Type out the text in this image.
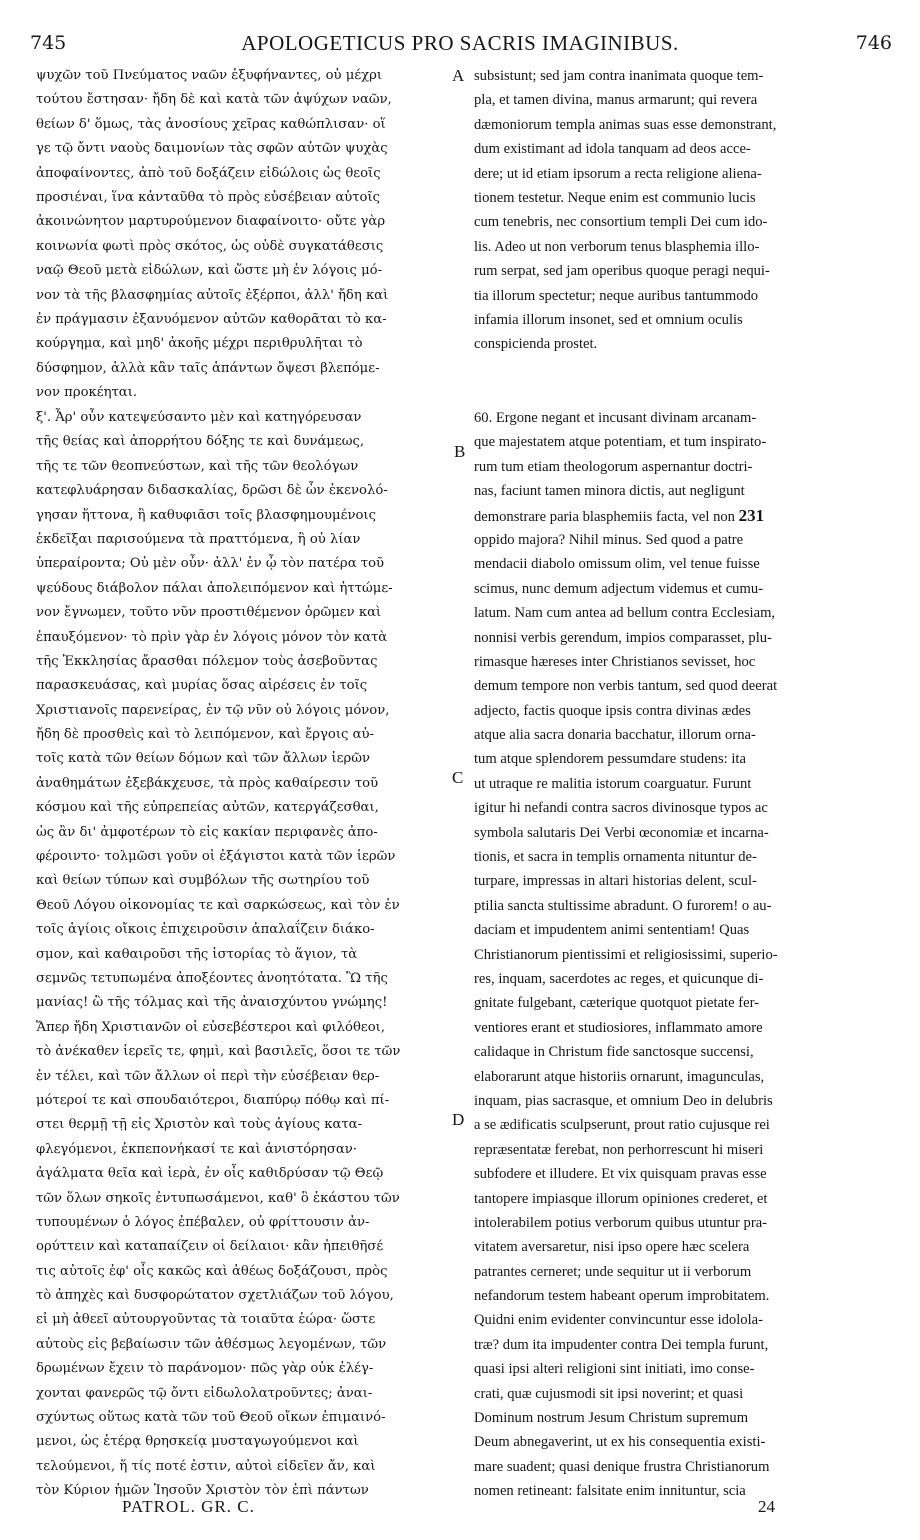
745	APOLOGETICUS PRO SACRIS IMAGINIBUS.	746
ψυχῶν τοῦ Πνεύματος ναῶν ἐξυφήναντες, οὐ μέχρι
τούτου ἔστησαν· ἤδη δὲ καὶ κατὰ τῶν ἀψύχων ναῶν,
θείων δ' ὅμως, τὰς ἀνοσίους χεῖρας καθώπλισαν· οἵ
γε τῷ ὄντι ναοὺς δαιμονίων τὰς σφῶν αὐτῶν ψυχὰς
ἀποφαίνοντες, ἀπὸ τοῦ δοξάζειν εἰδώλοις ὡς θεοῖς
προσιέναι, ἵνα κἀνταῦθα τὸ πρὸς εὐσέβειαν αὐτοῖς
ἀκοινώνητον μαρτυρούμενον διαφαίνοιτο· οὔτε γὰρ
κοινωνία φωτὶ πρὸς σκότος, ὡς οὐδὲ συγκατάθεσις
ναῷ Θεοῦ μετὰ εἰδώλων, καὶ ὥστε μὴ ἐν λόγοις μό-
νον τὰ τῆς βλασφημίας αὐτοῖς ἐξέρποι, ἀλλ' ἤδη καὶ
ἐν πράγμασιν ἐξανυόμενον αὐτῶν καθορᾶται τὸ κα-
κούργημα, καὶ μηδ' ἀκοῆς μέχρι περιθρυλῆται τὸ
δύσφημον, ἀλλὰ κἂν ταῖς ἁπάντων ὄψεσι βλεπόμε-
νον προκέηται.
ξ'. Ἆρ' οὖν κατεψεύσαντο μὲν καὶ κατηγόρευσαν
τῆς θείας καὶ ἀπορρήτου δόξης τε καὶ δυνάμεως,
τῆς τε τῶν θεοπνεύστων, καὶ τῆς τῶν θεολόγων
κατεφλυάρησαν διδασκαλίας, δρῶσι δὲ ὧν ἐκενολό-
γησαν ἥττονα, ἢ καθυφιᾶσι τοῖς βλασφημουμένοις
ἐκδεῖξαι παρισούμενα τὰ πραττόμενα, ἢ οὐ λίαν
ὑπεραίροντα; Οὐ μὲν οὖν· ἀλλ' ἐν ᾧ τὸν πατέρα τοῦ
ψεύδους διάβολον πάλαι ἀπολειπόμενον καὶ ἡττώμε-
νον ἔγνωμεν, τοῦτο νῦν προστιθέμενον ὁρῶμεν καὶ
ἐπαυξόμενον· τὸ πρὶν γὰρ ἐν λόγοις μόνον τὸν κατὰ
τῆς Ἐκκλησίας ἄρασθαι πόλεμον τοὺς ἀσεβοῦντας
παρασκευάσας, καὶ μυρίας ὅσας αἱρέσεις ἐν τοῖς
Χριστιανοῖς παρενείρας, ἐν τῷ νῦν οὐ λόγοις μόνον,
ἤδη δὲ προσθεὶς καὶ τὸ λειπόμενον, καὶ ἔργοις αὐ-
τοῖς κατὰ τῶν θείων δόμων καὶ τῶν ἄλλων ἱερῶν
ἀναθημάτων ἐξεβάκχευσε, τὰ πρὸς καθαίρεσιν τοῦ
κόσμου καὶ τῆς εὐπρεπείας αὐτῶν, κατεργάζεσθαι,
ὡς ἂν δι' ἀμφοτέρων τὸ εἰς κακίαν περιφανὲς ἀπο-
φέροιντο· τολμῶσι γοῦν οἱ ἐξάγιστοι κατὰ τῶν ἱερῶν
καὶ θείων τύπων καὶ συμβόλων τῆς σωτηρίου τοῦ
Θεοῦ Λόγου οἰκονομίας τε καὶ σαρκώσεως, καὶ τὸν ἐν
τοῖς ἁγίοις οἴκοις ἐπιχειροῦσιν ἀπαλαΐζειν διάκο-
σμον, καὶ καθαιροῦσι τῆς ἱστορίας τὸ ἅγιον, τὰ
σεμνῶς τετυπωμένα ἀποξέοντες ἀνοητότατα. Ὢ τῆς
μανίας! ὢ τῆς τόλμας καὶ τῆς ἀναισχύντου γνώμης!
Ἅπερ ἤδη Χριστιανῶν οἱ εὐσεβέστεροι καὶ φιλόθεοι,
τὸ ἀνέκαθεν ἱερεῖς τε, φημὶ, καὶ βασιλεῖς, ὅσοι τε τῶν
ἐν τέλει, καὶ τῶν ἄλλων οἱ περὶ τὴν εὐσέβειαν θερ-
μότεροί τε καὶ σπουδαιότεροι, διαπύρῳ πόθῳ καὶ πί-
στει θερμῇ τῇ εἰς Χριστὸν καὶ τοὺς ἁγίους κατα-
φλεγόμενοι, ἐκπεπονήκασί τε καὶ ἀνιστόρησαν·
ἀγάλματα θεῖα καὶ ἱερὰ, ἐν οἷς καθιδρύσαν τῷ Θεῷ
τῶν ὅλων σηκοῖς ἐντυπωσάμενοι, καθ' ὃ ἑκάστου τῶν
τυπουμένων ὁ λόγος ἐπέβαλεν, οὐ φρίττουσιν ἀν-
ορύττειν καὶ καταπαίζειν οἱ δείλαιοι· κἂν ἠπειθῆσέ
τις αὐτοῖς ἐφ' οἷς κακῶς καὶ ἀθέως δοξάζουσι, πρὸς
τὸ ἀπηχὲς καὶ δυσφορώτατον σχετλιάζων τοῦ λόγου,
εἰ μὴ ἀθεεῖ αὐτουργοῦντας τὰ τοιαῦτα ἑώρα· ὥστε
αὐτοὺς εἰς βεβαίωσιν τῶν ἀθέσμως λεγομένων, τῶν
δρωμένων ἔχειν τὸ παράνομον· πῶς γὰρ οὐκ ἐλέγ-
χονται φανερῶς τῷ ὄντι εἰδωλολατροῦντες; ἀναι-
σχύντως οὕτως κατὰ τῶν τοῦ Θεοῦ οἴκων ἐπιμαινό-
μενοι, ὡς ἑτέρᾳ θρησκείᾳ μυσταγωγούμενοι καὶ
τελούμενοι, ἥ τίς ποτέ ἐστιν, αὐτοὶ εἰδεῖεν ἄν, καὶ
τὸν Κύριον ἡμῶν Ἰησοῦν Χριστὸν τὸν ἐπὶ πάντων
subsistunt; sed jam contra inanimata quoque tem-
pla, et tamen divina, manus armarunt; qui revera
dæmoniorum templa animas suas esse demonstrant,
dum existimant ad idola tanquam ad deos acce-
dere; ut id etiam ipsorum a recta religione aliena-
tionem testetur. Neque enim est communio lucis
cum tenebris, nec consortium templi Dei cum ido-
lis. Adeo ut non verborum tenus blasphemia illo-
rum serpat, sed jam operibus quoque peragi nequi-
tia illorum spectetur; neque auribus tantummodo
infamia illorum insonet, sed et omnium oculis
conspicienda prostet.
60. Ergone negant et incusant divinam arcanam-
que majestatem atque potentiam, et tum inspirato-
rum tum etiam theologorum aspernantur doctri-
nas, faciunt tamen minora dictis, aut negligunt
demonstrare paria blasphemiis facta, vel non 231
oppido majora? Nihil minus. Sed quod a patre
mendacii diabolo omissum olim, vel tenue fuisse
scimus, nunc demum adjectum videmus et cumu-
latum. Nam cum antea ad bellum contra Ecclesiam,
nonnisi verbis gerendum, impios comparasset, plu-
rimasque hæreses inter Christianos sevisset, hoc
demum tempore non verbis tantum, sed quod deerat
adjecto, factis quoque ipsis contra divinas ædes
atque alia sacra donaria bacchatur, illorum orna-
tum atque splendorem pessumdare studens: ita
ut utraque re malitia istorum coarguatur. Furunt
igitur hi nefandi contra sacros divinosque typos ac
symbola salutaris Dei Verbi œconomiæ et incarna-
tionis, et sacra in templis ornamenta nituntur de-
turpare, impressas in altari historias delent, scul-
ptilia sancta stultissime abradunt. O furorem! o au-
daciam et impudentem animi sententiam! Quas
Christianorum pientissimi et religiosissimi, superio-
res, inquam, sacerdotes ac reges, et quicunque di-
gnitate fulgebant, cæterique quotquot pietate fer-
ventiores erant et studiosiores, inflammato amore
calidaque in Christum fide sanctosque succensi,
elaborarunt atque historiis ornarunt, imagunculas,
inquam, pias sacrasque, et omnium Deo in delubris
a se ædificatis sculpserunt, prout ratio cujusque rei
repræsentatæ ferebat, non perhorrescunt hi miseri
subfodere et illudere. Et vix quisquam pravas esse
tantopere impiasque illorum opiniones crederet, et
intolerabilem potius verborum quibus utuntur pra-
vitatem aversaretur, nisi ipso opere hæc scelera
patrantes cerneret; unde sequitur ut ii verborum
nefandorum testem habeant operum improbitatem.
Quidni enim evidenter convincuntur esse idolola-
træ? dum ita impudenter contra Dei templa furunt,
quasi ipsi alteri religioni sint initiati, imo conse-
crati, quæ cujusmodi sit ipsi noverint; et quasi
Dominum nostrum Jesum Christum supremum
Deum abnegaverint, ut ex his consequentia existi-
mare suadent; quasi denique frustra Christianorum
nomen retineant: falsitate enim innituntur, scia
A
B
C
D
PATROL. GR. C.	24
